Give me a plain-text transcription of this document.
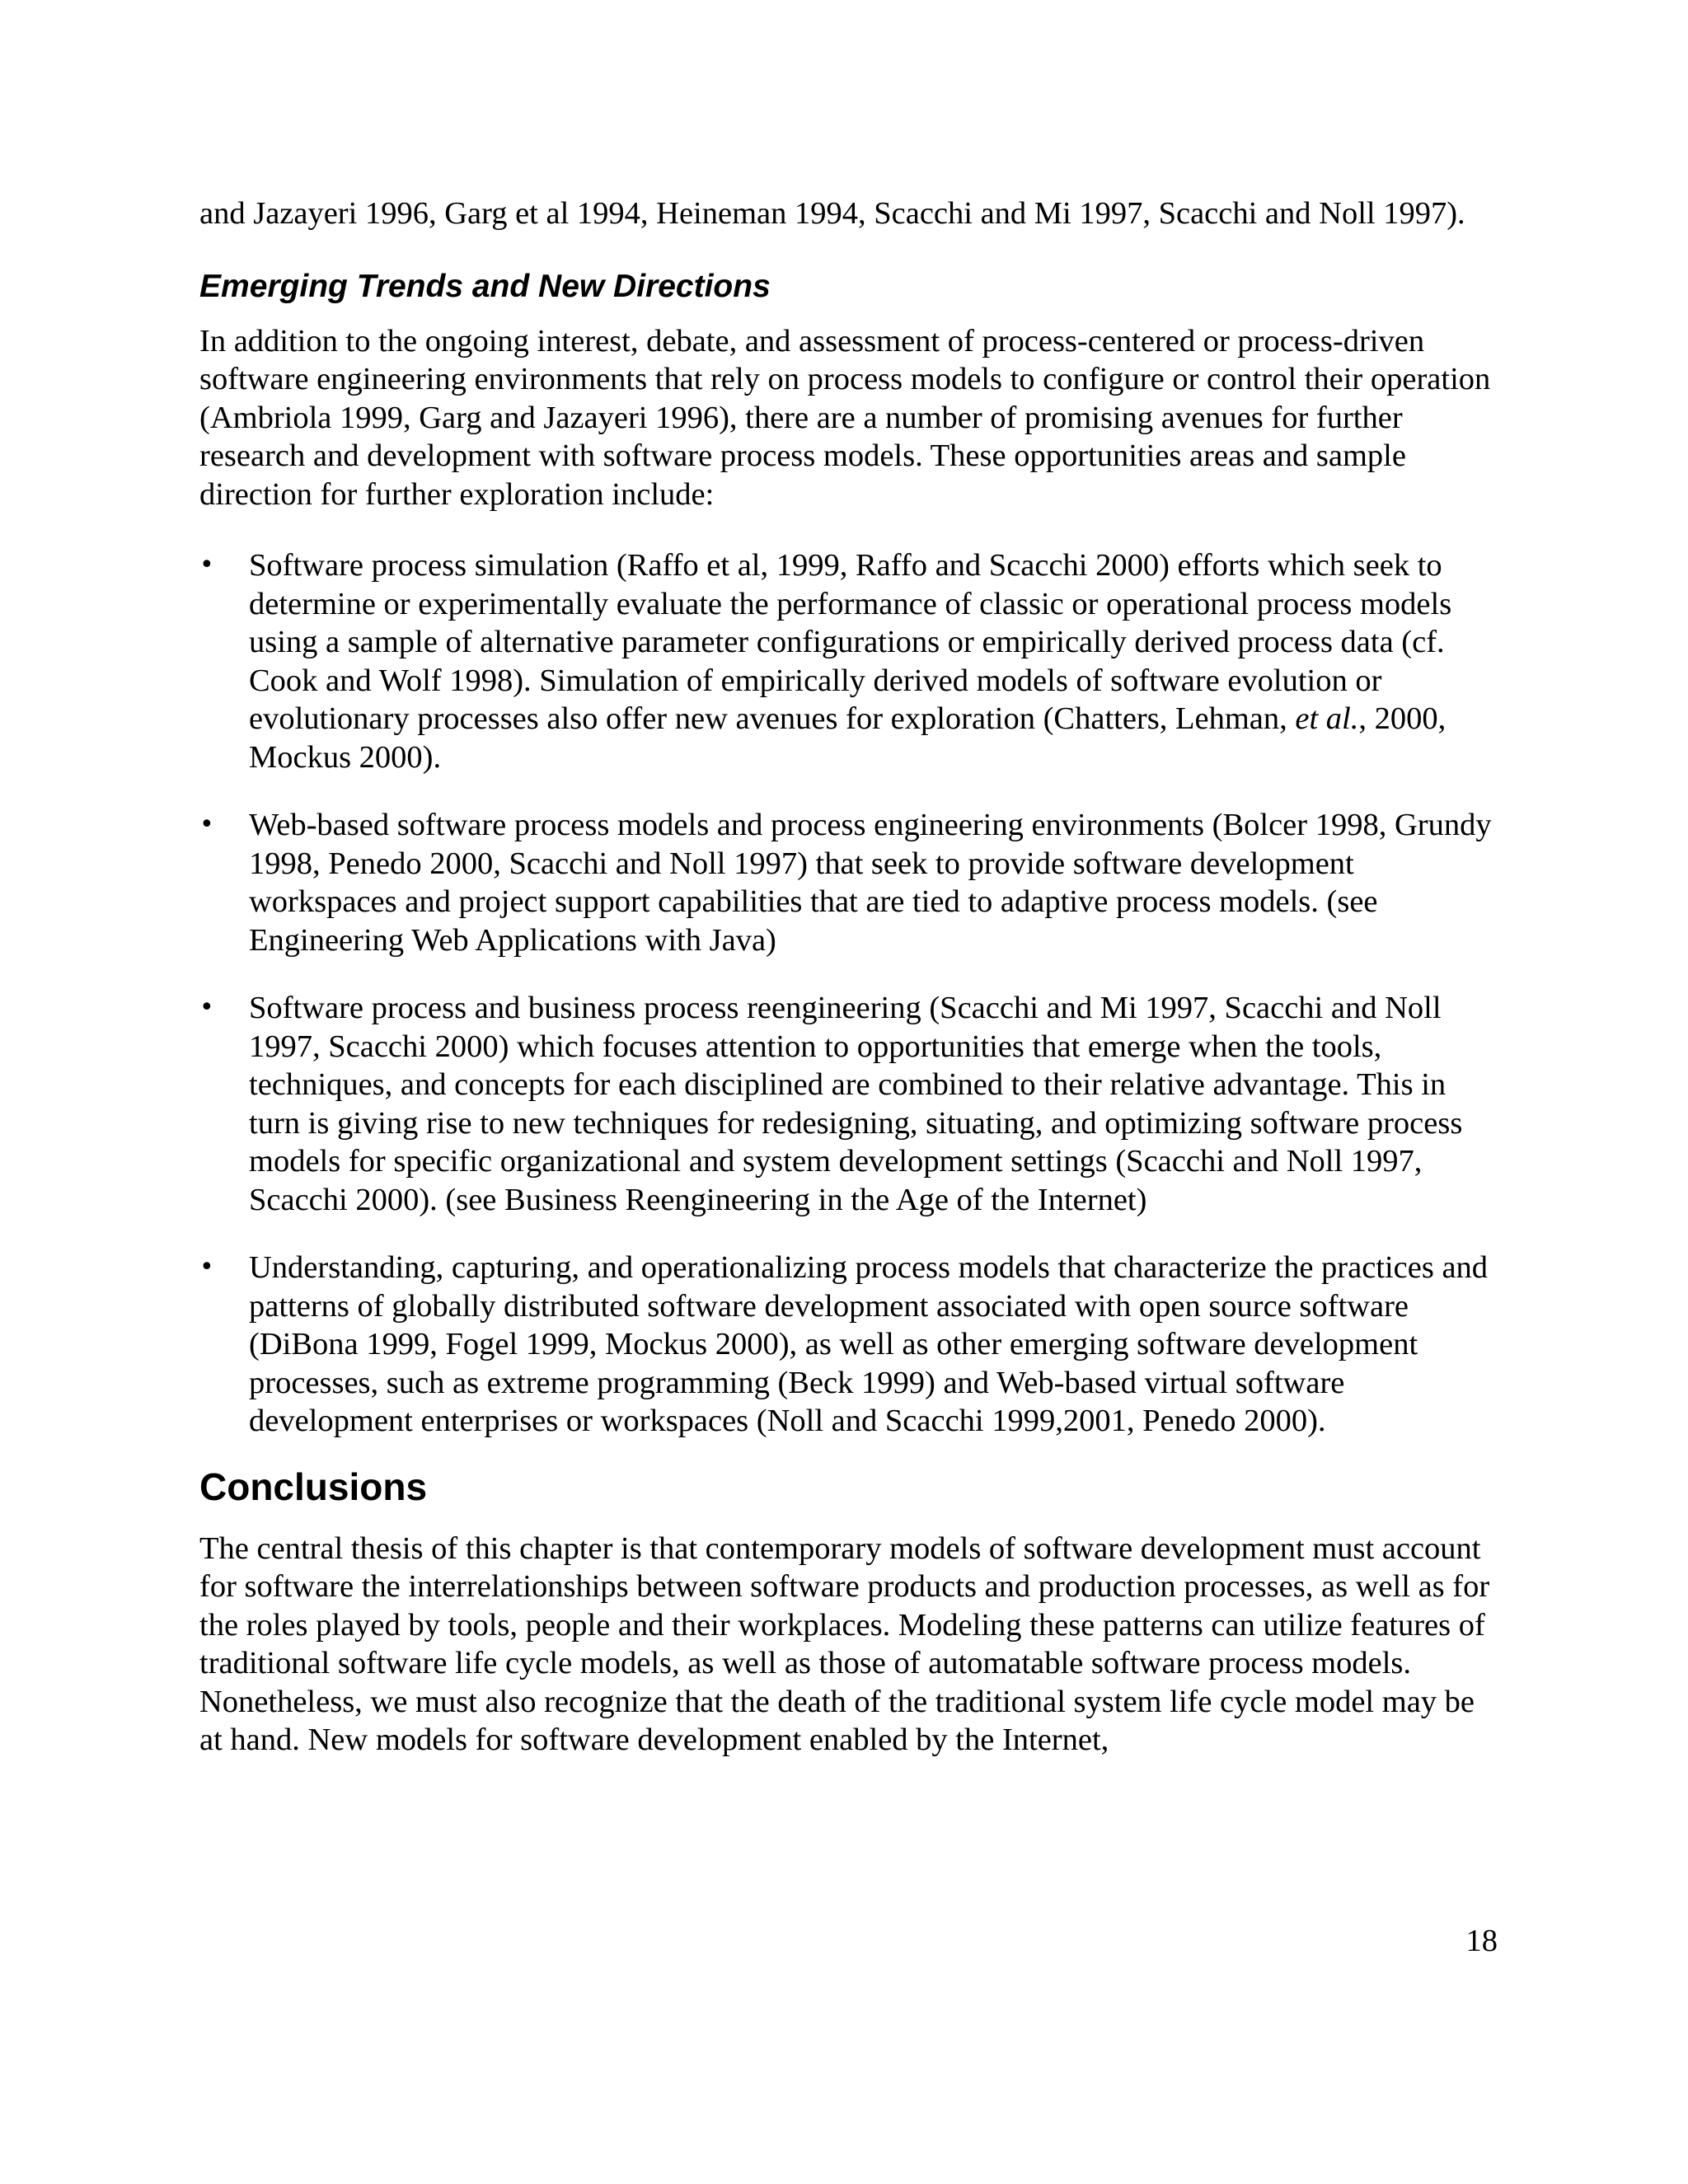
and Jazayeri 1996, Garg et al 1994, Heineman 1994, Scacchi and Mi 1997, Scacchi and Noll 1997).

Emerging Trends and New Directions

In addition to the ongoing interest, debate, and assessment of process-centered or process-driven software engineering environments that rely on process models to configure or control their operation (Ambriola 1999, Garg and Jazayeri 1996), there are a number of promising avenues for further research and development with software process models. These opportunities areas and sample direction for further exploration include:

• Software process simulation (Raffo et al, 1999, Raffo and Scacchi 2000) efforts which seek to determine or experimentally evaluate the performance of classic or operational process models using a sample of alternative parameter configurations or empirically derived process data (cf. Cook and Wolf 1998). Simulation of empirically derived models of software evolution or evolutionary processes also offer new avenues for exploration (Chatters, Lehman, et al., 2000, Mockus 2000).
• Web-based software process models and process engineering environments (Bolcer 1998, Grundy 1998, Penedo 2000, Scacchi and Noll 1997) that seek to provide software development workspaces and project support capabilities that are tied to adaptive process models. (see Engineering Web Applications with Java)
• Software process and business process reengineering (Scacchi and Mi 1997, Scacchi and Noll 1997, Scacchi 2000) which focuses attention to opportunities that emerge when the tools, techniques, and concepts for each disciplined are combined to their relative advantage. This in turn is giving rise to new techniques for redesigning, situating, and optimizing software process models for specific organizational and system development settings (Scacchi and Noll 1997, Scacchi 2000). (see Business Reengineering in the Age of the Internet)
• Understanding, capturing, and operationalizing process models that characterize the practices and patterns of globally distributed software development associated with open source software (DiBona 1999, Fogel 1999, Mockus 2000), as well as other emerging software development processes, such as extreme programming (Beck 1999) and Web-based virtual software development enterprises or workspaces (Noll and Scacchi 1999,2001, Penedo 2000).
Conclusions

The central thesis of this chapter is that contemporary models of software development must account for software the interrelationships between software products and production processes, as well as for the roles played by tools, people and their workplaces. Modeling these patterns can utilize features of traditional software life cycle models, as well as those of automatable software process models. Nonetheless, we must also recognize that the death of the traditional system life cycle model may be at hand. New models for software development enabled by the Internet,

18
